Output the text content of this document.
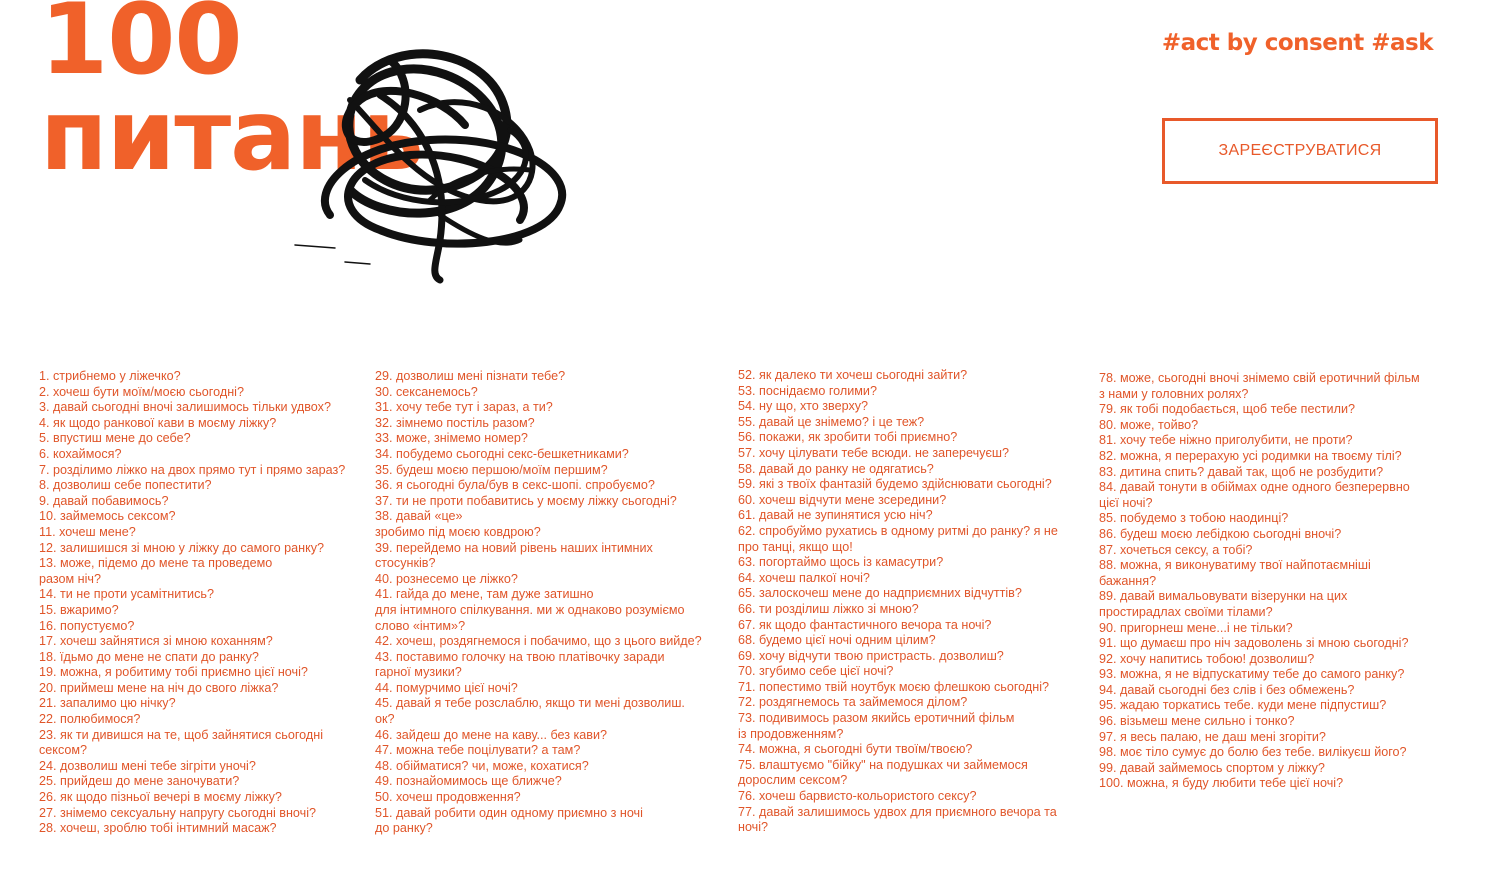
100
питань
#act by consent #ask
ЗАРЕЄСТРУВАТИСЯ
1. стрибнемо у ліжечко?
2. хочеш бути моїм/моєю сьогодні?
3. давай сьогодні вночі залишимось тільки удвох?
4. як щодо ранкової кави в моєму ліжку?
5. впустиш мене до себе?
6. кохаймося?
7. розділимо ліжко на двох прямо тут і прямо зараз?
8. дозволиш себе попестити?
9. давай побавимось?
10. займемось сексом?
11. хочеш мене?
12. залишишся зі мною у ліжку до самого ранку?
13. може, підемо до мене та проведемо
разом ніч?
14. ти не проти усамітнитись?
15. вжаримо?
16. попустуємо?
17. хочеш зайнятися зі мною коханням?
18. їдьмо до мене не спати до ранку?
19. можна, я робитиму тобі приємно цієї ночі?
20. приймеш мене на ніч до свого ліжка?
21. запалимо цю нічку?
22. полюбимося?
23. як ти дивишся на те, щоб зайнятися сьогодні
сексом?
24. дозволиш мені тебе зігріти уночі?
25. прийдеш до мене заночувати?
26. як щодо пізньої вечері в моєму ліжку?
27. знімемо сексуальну напругу сьогодні вночі?
28. хочеш, зроблю тобі інтимний масаж?
29. дозволиш мені пізнати тебе?
30. сексанемось?
31. хочу тебе тут і зараз, а ти?
32. зімнемо постіль разом?
33. може, знімемо номер?
34. побудемо сьогодні секс-бешкетниками?
35. будеш моєю першою/моїм першим?
36. я сьогодні була/був в секс-шопі. спробуємо?
37. ти не проти побавитись у моєму ліжку сьогодні?
38. давай «це»
зробимо під моєю ковдрою?
39. перейдемо на новий рівень наших інтимних
стосунків?
40. рознесемо це ліжко?
41. гайда до мене, там дуже затишно
для інтимного спілкування. ми ж однаково розуміємо
слово «інтим»?
42. хочеш, роздягнемося і побачимо, що з цього вийде?
43. поставимо голочку на твою платівочку заради
гарної музики?
44. помурчимо цієї ночі?
45. давай я тебе розслаблю, якщо ти мені дозволиш.
ок?
46. зайдеш до мене на каву... без кави?
47. можна тебе поцілувати? а там?
48. обійматися? чи, може, кохатися?
49. познайомимось ще ближче?
50. хочеш продовження?
51. давай робити один одному приємно з ночі
до ранку?
52. як далеко ти хочеш сьогодні зайти?
53. поснідаємо голими?
54. ну що, хто зверху?
55. давай це знімемо? і це теж?
56. покажи, як зробити тобі приємно?
57. хочу цілувати тебе всюди. не заперечуєш?
58. давай до ранку не одягатись?
59. які з твоїх фантазій будемо здійснювати сьогодні?
60. хочеш відчути мене зсередини?
61. давай не зупинятися усю ніч?
62. спробуймо рухатись в одному ритмі до ранку? я не
про танці, якщо що!
63. погортаймо щось із камасутри?
64. хочеш палкої ночі?
65. залоскочеш мене до надприємних відчуттів?
66. ти розділиш ліжко зі мною?
67. як щодо фантастичного вечора та ночі?
68. будемо цієї ночі одним цілим?
69. хочу відчути твою пристрасть. дозволиш?
70. згубимо себе цієї ночі?
71. попестимо твій ноутбук моєю флешкою сьогодні?
72. роздягнемось та займемося ділом?
73. подивимось разом якийсь еротичний фільм
із продовженням?
74. можна, я сьогодні бути твоїм/твоєю?
75. влаштуємо "бійку" на подушках чи займемося
дорослим сексом?
76. хочеш барвисто-кольористого сексу?
77. давай залишимось удвох для приємного вечора та
ночі?
78. може, сьогодні вночі знімемо свій еротичний фільм
з нами у головних ролях?
79. як тобі подобається, щоб тебе пестили?
80. може, тойво?
81. хочу тебе ніжно приголубити, не проти?
82. можна, я перерахую усі родимки на твоєму тілі?
83. дитина спить? давай так, щоб не розбудити?
84. давай тонути в обіймах одне одного безперервно
цієї ночі?
85. побудемо з тобою наодинці?
86. будеш моєю лебідкою сьогодні вночі?
87. хочеться сексу, а тобі?
88. можна, я виконуватиму твої найпотаємніші
бажання?
89. давай вимальовувати візерунки на цих
простирадлах своїми тілами?
90. пригорнеш мене...і не тільки?
91. що думаєш про ніч задоволень зі мною сьогодні?
92. хочу напитись тобою! дозволиш?
93. можна, я не відпускатиму тебе до самого ранку?
94. давай сьогодні без слів і без обмежень?
95. жадаю торкатись тебе. куди мене підпустиш?
96. візьмеш мене сильно і тонко?
97. я весь палаю, не даш мені згоріти?
98. моє тіло сумує до болю без тебе. вилікуєш його?
99. давай займемось спортом у ліжку?
100. можна, я буду любити тебе цієї ночі?
